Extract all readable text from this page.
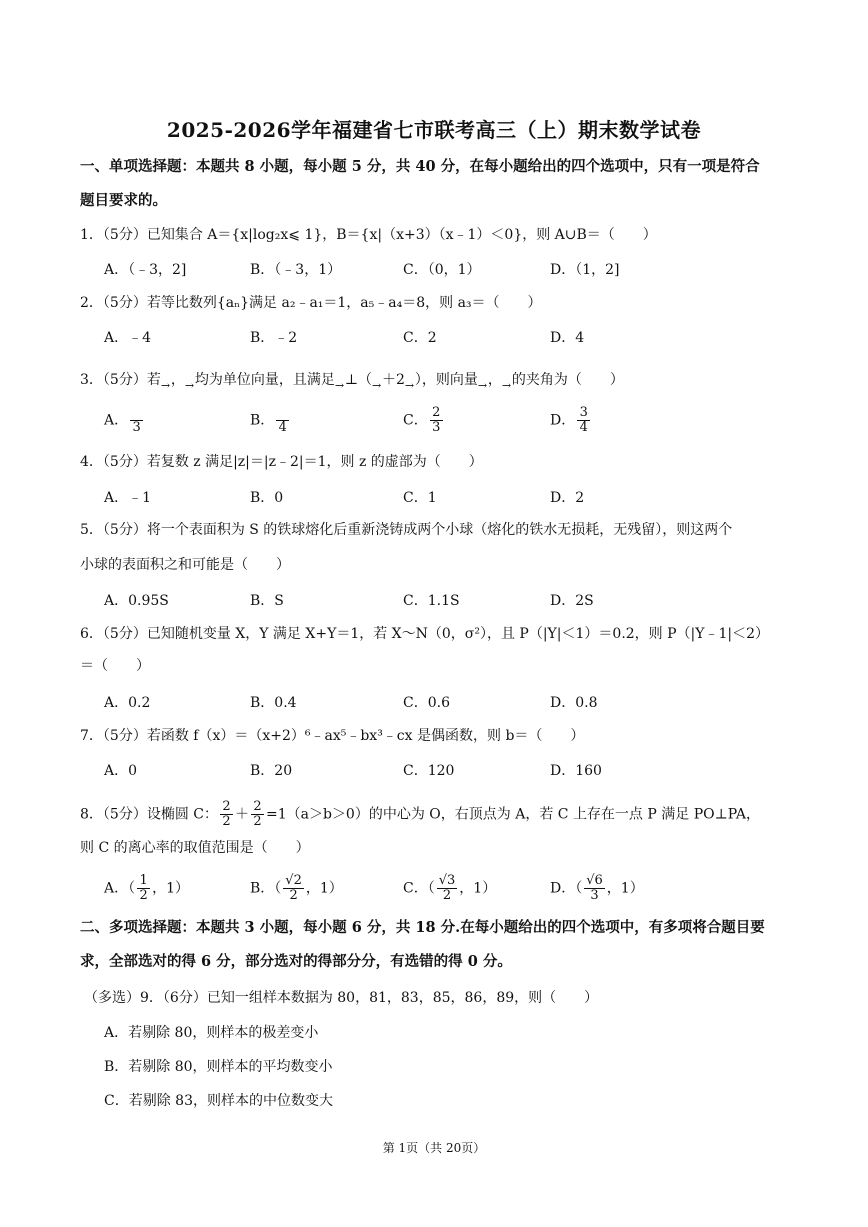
2025-2026学年福建省七市联考高三（上）期末数学试卷
一、单项选择题：本题共 8 小题，每小题 5 分，共 40 分，在每小题给出的四个选项中，只有一项是符合
题目要求的。
1．（5分）已知集合 A＝{x|log₂x⩽ 1}，B＝{x|（x+3）（x﹣1）＜0}，则 A∪B＝（　　）
A．（﹣3，2]	B．（﹣3，1）	C．（0，1）	D．（1，2]
2．（5分）若等比数列{aₙ}满足 a₂﹣a₁＝1，a₅﹣a₄＝8，则 a₃＝（　　）
A．﹣4	B．﹣2	C．2	D．4
3．（5分）若 ， 均为单位向量，且满足 ⊥（ ＋2 ），则向量 ， 的夹角为（　　）
A．
3	B．
4	C． $\frac{2}{3}$	D． $\frac{3}{4}$
4．（5分）若复数 z 满足|z|＝|z﹣2|＝1，则 z 的虚部为（　　）
A．﹣1	B．0	C．1	D．2
5．（5分）将一个表面积为 S 的铁球熔化后重新浇铸成两个小球（熔化的铁水无损耗，无残留），则这两个
小球的表面积之和可能是（　　）
A．0.95S	B．S	C．1.1S	D．2S
6．（5分）已知随机变量 X，Y 满足 X+Y＝1，若 X～N（0，σ²），且 P（|Y|＜1）＝0.2，则 P（|Y﹣1|＜2）
＝（　　）
A．0.2	B．0.4	C．0.6	D．0.8
7．（5分）若函数 f（x）＝（x+2）⁶﹣ax⁵﹣bx³﹣cx 是偶函数，则 b＝（　　）
A．0	B．20	C．120	D．160
8．（5分）设椭圆 C： $\frac{2}{2} + \frac{2}{2} =1(a>b>0)$的中心为 O，右顶点为 A，若 C 上存在一点 P 满足 PO⊥PA，
则 C 的离心率的取值范围是（　　）
A．（ $\frac{1}{2}$ ，1）	B．（ $\frac{√2}{2}$ ，1）	C．（ $\frac{√3}{2}$ ，1）	D．（ $\frac{√6}{3}$ ，1）
二、多项选择题：本题共 3 小题，每小题 6 分，共 18 分.在每小题给出的四个选项中，有多项将合题目要
求，全部选对的得 6 分，部分选对的得部分分，有选错的得 0 分。
（多选）9．（6分）已知一组样本数据为 80，81，83，85，86，89，则（　　）
A．若剔除 80，则样本的极差变小
B．若剔除 80，则样本的平均数变小
C．若剔除 83，则样本的中位数变大
第 1页（共 20页）
